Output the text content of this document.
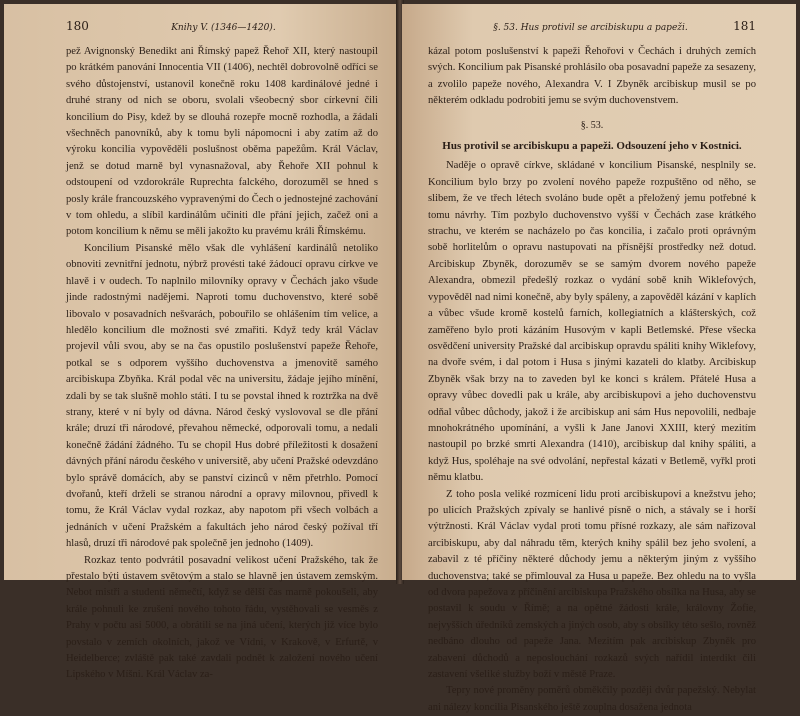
180	Knihy V. (1346—1420).

pež Avignonský Benedikt ani Římský papež Řehoř XII, který nastoupil po krátkém panování Innocentia VII (1406), nechtěl dobrovolně odříci se svého důstojenství, ustanovil konečně roku 1408 kardinálové jedné i druhé strany od nich se oboru, svolali všeobecný sbor církevní čili koncilium do Pisy, kdež by se dlouhá rozepře mocně rozhodla, a žádali všechněch panovníků, aby k tomu byli nápomocni i aby zatím až do výroku koncilia vypověděli poslušnost oběma papežům. Král Václav, jenž se dotud marně byl vynasnažoval, aby Řehoře XII pohnul k odstoupení od vzdorokrále Ruprechta falckého, dorozuměl se hned s posly krále francouzského vypravenými do Čech o jednostejné zachování v tom ohledu, a slíbil kardinálům učiniti dle přání jejich, začež oni a potom koncilium k němu se měli jakožto ku pravému králi Římskému.

Koncilium Pisanské mělo však dle vyhlášení kardinálů netoliko obnoviti zevnitřní jednotu, nýbrž provésti také žádoucí opravu církve ve hlavě i v oudech. To naplnilo milovníky opravy v Čechách jako všude jinde radostnými nadějemi. Naproti tomu duchovenstvo, které sobě libovalo v posavadních nešvarách, pobouřilo se ohlášením tím velice, a hledělo koncilium dle možnosti své zmařiti. Když tedy král Václav projevil vůli svou, aby se na čas opustilo poslušenství papeže Řehoře, potkal se s odporem vyššího duchovenstva a jmenovitě samého arcibiskupa Zbyňka. Král podal věc na universitu, žádaje jejího mínění, zdali by se tak slušně mohlo státi. I tu se povstal ihned k roztržka na dvě strany, které v ní byly od dávna. Národ český vyslovoval se dle přání krále; druzí tři národové, převahou německé, odporovali tomu, a nedali konečně žádání žádného. Tu se chopil Hus dobré příležitosti k dosažení dávných přání národu českého v universitě, aby učení Pražské odevzdáno bylo správě domácích, aby se panství cizinců v něm přetrhlo. Pomocí dvořanů, kteří drželi se stranou národní a opravy milovnou, přivedl k tomu, že Král Václav vydal rozkaz, aby napotom při všech volbách a jednáních v učení Pražském a fakultách jeho národ český požíval tří hlasů, druzí tři národové pak společně jen jednoho (1409).

Rozkaz tento podvrátil posavadní velikost učení Pražského, tak že přestalo býti ústavem světovým a stalo se hlavně jen ústavem zemským. Nebot mistři a studenti němečtí, když se dělší čas marně pokoušeli, aby krále pohnuli ke zrušení nového tohoto řádu, vystěhovali se vesměs z Prahy v počtu asi 5000, a obrátili se na jiná učení, kterých již více bylo povstalo v zemích okolních, jakož ve Vídni, v Krakově, v Erfurtě, v Heidelberce; zvláště pak také zavdali podnět k založení nového učení Lipského v Míšni. Král Václav za-

§. 53. Hus protivil se arcibiskupu a papeži.	181

kázal potom poslušenství k papeži Řehořovi v Čechách i druhých zemích svých. Koncilium pak Pisanské prohlásilo oba posavadní papeže za sesazeny, a zvolilo papeže nového, Alexandra V. I Zbyněk arcibiskup musil se po některém odkladu podrobiti jemu se svým duchovenstvem.

§. 53.
Hus protivil se arcibiskupu a papeži. Odsouzení jeho v Kostnici.

Naděje o opravě církve, skládané v koncilium Pisanské, nesplnily se. Koncilium bylo brzy po zvolení nového papeže rozpuštěno od něho, se slibem, že ve třech létech svoláno bude opět a přeložený jemu potřebné k tomu návrhy. Tím pozbylo duchovenstvo vyšší v Čechách zase krátkého strachu, ve kterém se nacházelo po čas koncilia, i začalo proti oprávným sobě horlitelům o opravu nastupovati na přísnější prostředky než dotud. Arcibiskup Zbyněk, dorozuměv se se samým dvorem nového papeže Alexandra, obmezil předešlý rozkaz o vydání sobě knih Wiklefových, vypověděl nad nimi konečně, aby byly spáleny, a zapověděl kázání v kaplích a vůbec všude kromě kostelů farních, kollegiatních a klášterských, což zaměřeno bylo proti kázáním Husovým v kapli Betlemské. Přese všecka osvědčení university Pražské dal arcibiskup opravdu spáliti knihy Wiklefovy, na dvoře svém, i dal potom i Husa s jinými kazateli do klatby. Arcibiskup Zbyněk však brzy na to zaveden byl ke konci s králem. Přátelé Husa a opravy vůbec dovedli pak u krále, aby arcibiskupovi a jeho duchovenstvu odňal vůbec důchody, jakož i že arcibiskup ani sám Hus nepovolili, nedbaje mnohokrátného upomínání, a vyšli k Jane Janovi XXIII, který mezitím nastoupil po brzké smrti Alexandra (1410), arcibiskup dal knihy spáliti, a když Hus, spoléhaje na své odvolání, nepřestal kázati v Betlemě, vyřkl proti němu klatbu.

Z toho posla veliké rozmícení lidu proti arcibiskupovi a knežstvu jeho; po ulicích Pražských zpívaly se hanlivé písně o nich, a stávaly se i horší výtržnosti. Král Václav vydal proti tomu přísné rozkazy, ale sám nařizoval arcibiskupu, aby dal náhradu těm, kterých knihy spálil bez jeho svolení, a zabavil z té příčiny některé důchody jemu a některým jiným z vyššího duchovenstva; také se přimlouval za Husa u papeže. Bez ohledu na to vyšla od dvora papežova z příčinění arcibiskupa Pražského obsílka na Husa, aby se postavil k soudu v Římě; a na opětné žádosti krále, královny Žofie, nejvyšších úředníků zemských a jiných osob, aby s obsílky této sešlo, rovněž nedbáno dlouho od papeže Jana. Mezitím pak arcibiskup Zbyněk pro zabavení důchodů a neposlouchání rozkazů svých nařídil interdikt čili zastavení všeliké služby boží v městě Praze.

Tepry nové proměny poměrů obměkčily později dvůr papežský. Nebylat ani nálezy koncilia Pisanského ještě zouplna dosažena jednota
